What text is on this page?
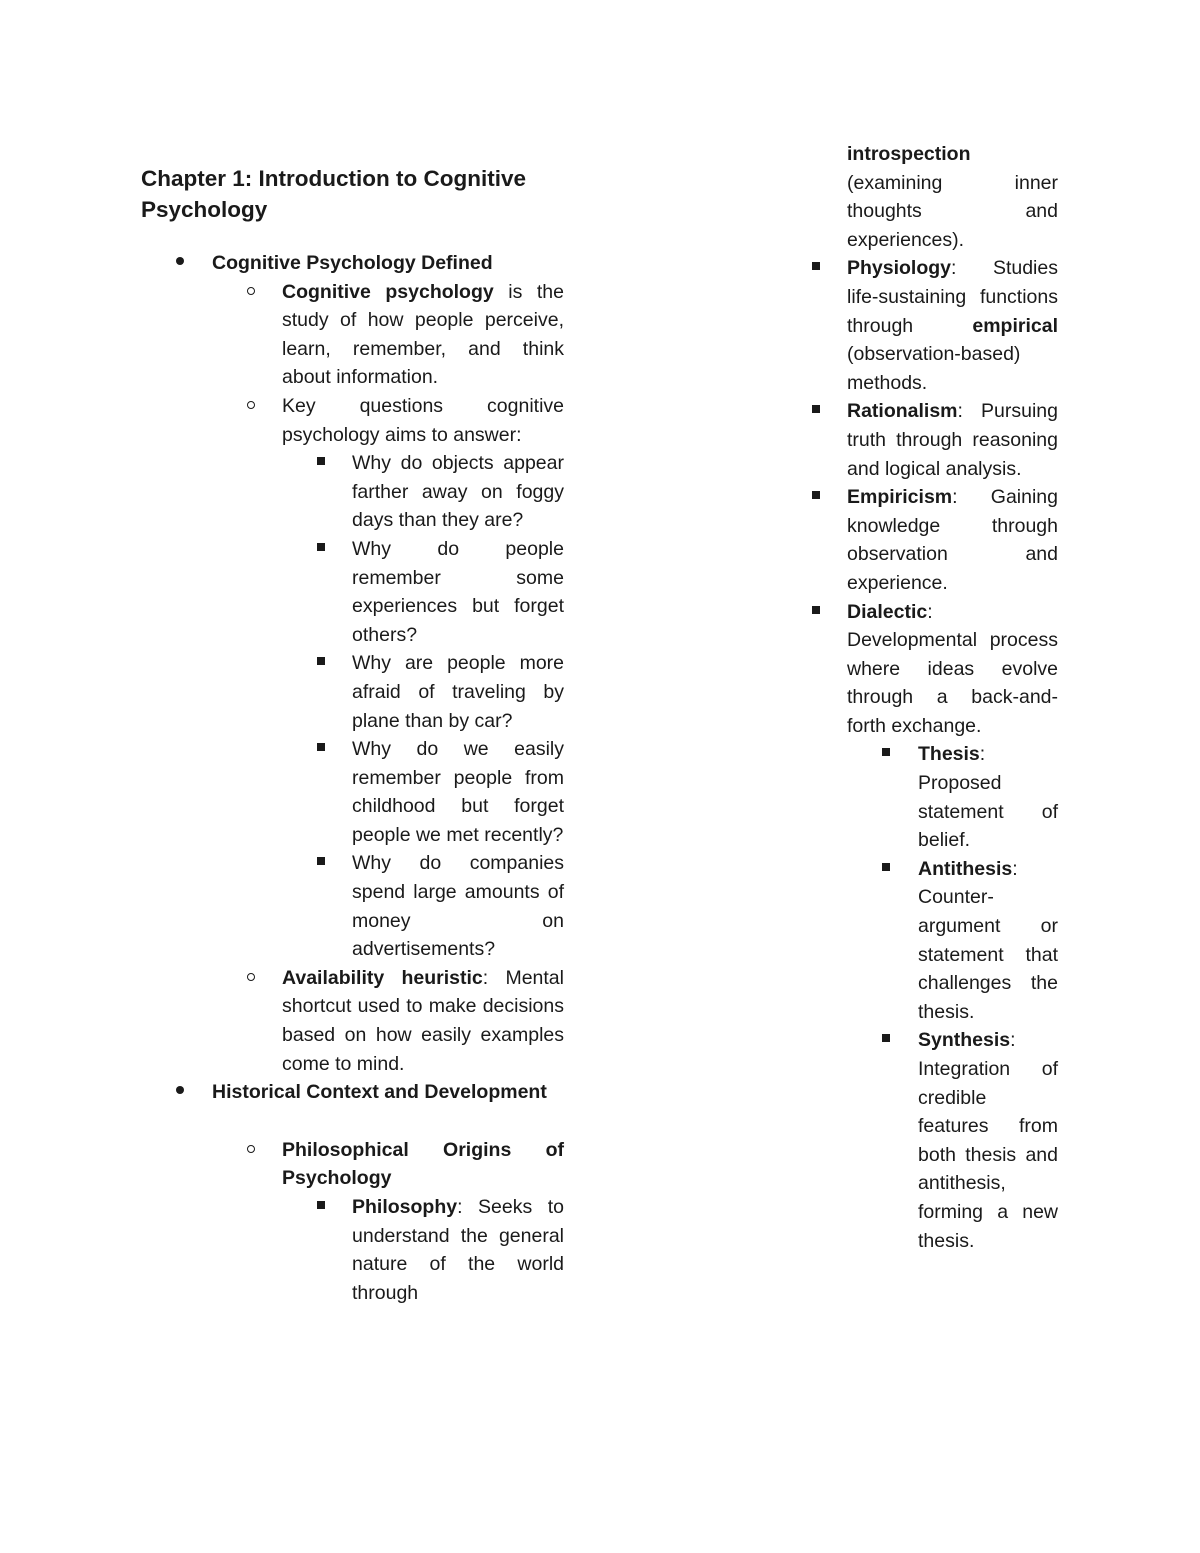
Chapter 1: Introduction to Cognitive Psychology
Cognitive Psychology Defined
Cognitive psychology is the study of how people perceive, learn, remember, and think about information.
Key questions cognitive psychology aims to answer:
Why do objects appear farther away on foggy days than they are?
Why do people remember some experiences but forget others?
Why are people more afraid of traveling by plane than by car?
Why do we easily remember people from childhood but forget people we met recently?
Why do companies spend large amounts of money on advertisements?
Availability heuristic: Mental shortcut used to make decisions based on how easily examples come to mind.
Historical Context and Development
Philosophical Origins of Psychology
Philosophy: Seeks to understand the general nature of the world through
introspection (examining inner thoughts and experiences).
Physiology: Studies life-sustaining functions through empirical (observation-based) methods.
Rationalism: Pursuing truth through reasoning and logical analysis.
Empiricism: Gaining knowledge through observation and experience.
Dialectic: Developmental process where ideas evolve through a back-and-forth exchange.
Thesis: Proposed statement of belief.
Antithesis: Counter-argument or statement that challenges the thesis.
Synthesis: Integration of credible features from both thesis and antithesis, forming a new thesis.
